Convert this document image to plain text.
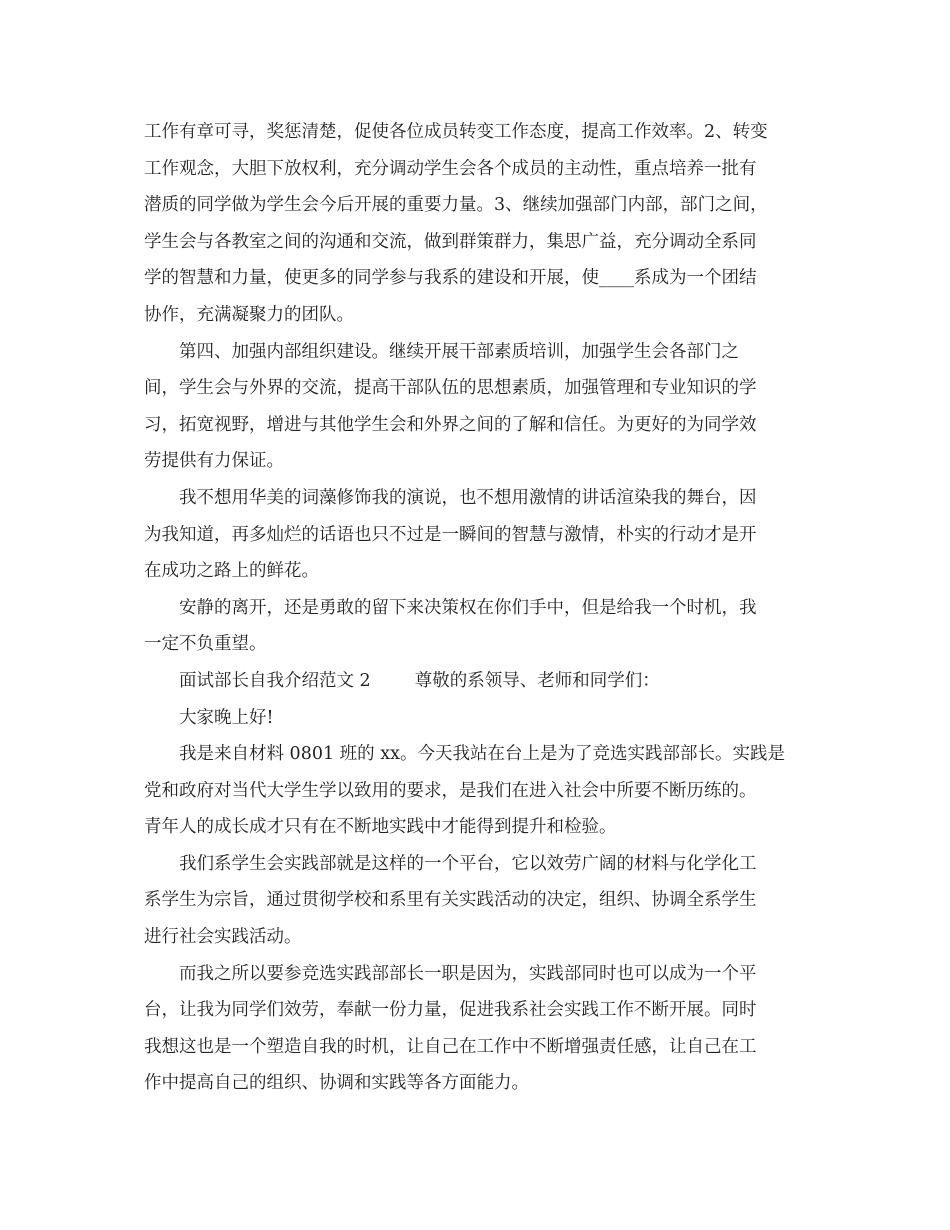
工作有章可寻，奖惩清楚，促使各位成员转变工作态度，提高工作效率。2、转变
工作观念，大胆下放权利，充分调动学生会各个成员的主动性，重点培养一批有
潜质的同学做为学生会今后开展的重要力量。3、继续加强部门内部，部门之间，
学生会与各教室之间的沟通和交流，做到群策群力，集思广益，充分调动全系同
学的智慧和力量，使更多的同学参与我系的建设和开展，使____系成为一个团结
协作，充满凝聚力的团队。
第四、加强内部组织建设。继续开展干部素质培训，加强学生会各部门之
间，学生会与外界的交流，提高干部队伍的思想素质，加强管理和专业知识的学
习，拓宽视野，增进与其他学生会和外界之间的了解和信任。为更好的为同学效
劳提供有力保证。
我不想用华美的词藻修饰我的演说，也不想用激情的讲话渲染我的舞台，因
为我知道，再多灿烂的话语也只不过是一瞬间的智慧与激情，朴实的行动才是开
在成功之路上的鲜花。
安静的离开，还是勇敢的留下来决策权在你们手中，但是给我一个时机，我
一定不负重望。
面试部长自我介绍范文 2	尊敬的系领导、老师和同学们：
大家晚上好!
我是来自材料 0801 班的 xx。今天我站在台上是为了竞选实践部部长。实践是
党和政府对当代大学生学以致用的要求，是我们在进入社会中所要不断历练的。
青年人的成长成才只有在不断地实践中才能得到提升和检验。
我们系学生会实践部就是这样的一个平台，它以效劳广阔的材料与化学化工
系学生为宗旨，通过贯彻学校和系里有关实践活动的决定，组织、协调全系学生
进行社会实践活动。
而我之所以要参竞选实践部部长一职是因为，实践部同时也可以成为一个平
台，让我为同学们效劳，奉献一份力量，促进我系社会实践工作不断开展。同时
我想这也是一个塑造自我的时机，让自己在工作中不断增强责任感，让自己在工
作中提高自己的组织、协调和实践等各方面能力。
